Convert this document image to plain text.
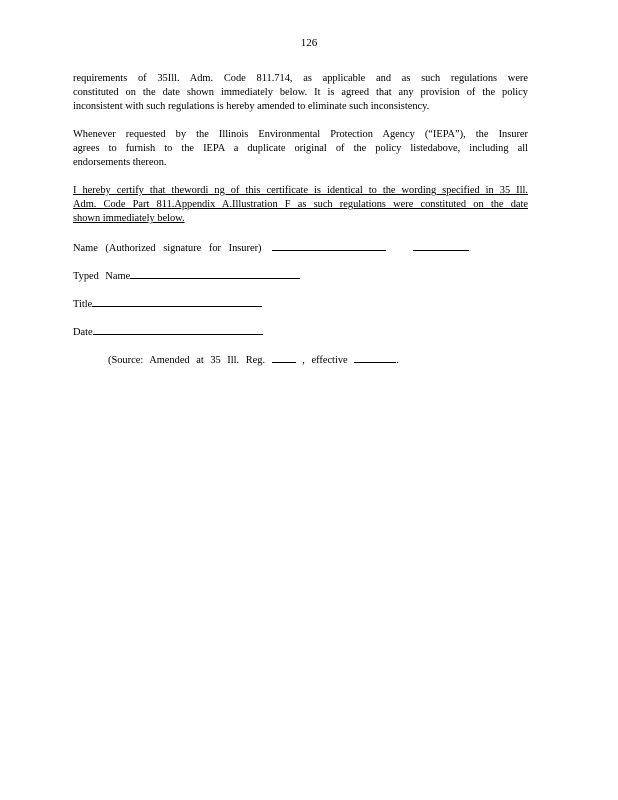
126
requirements of 35Ill. Adm. Code 811.714, as applicable and as such regulations were
constituted on the date shown immediately below. It is agreed that any provision of the policy
inconsistent with such regulations is hereby amended to eliminate such inconsistency.
Whenever requested by the Illinois Environmental Protection Agency (“IEPA”), the Insurer
agrees to furnish to the IEPA a duplicate original of the policy listedabove, including all
endorsements thereon.
I hereby certify that thewordi ng of this certificate is identical to the wording specified in 35 Ill.
Adm. Code Part 811.Appendix A.Illustration F as such regulations were constituted on the date
shown immediately below.
Name (Authorized signature for Insurer)
Typed Name
Title
Date
(Source: Amended at 35 Ill. Reg.	, effective	.
